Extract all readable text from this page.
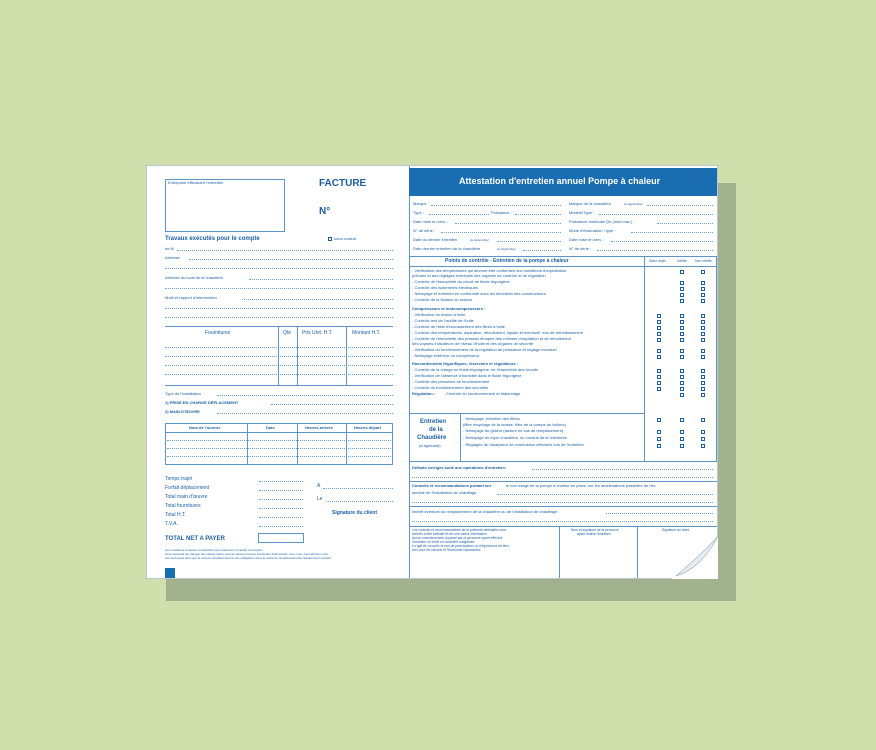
Entreprise effectuant l'entretien	FACTURE
N°
Travaux exécutés pour le compte	sous contrat
de M
Adresse
Adresse du local de la chaudière
Motif et rapport d'intervention
Fournitures	Qté Prix Unit. H.T.	Montant H.T.
Type de l'installation
1) PRISE EN CHARGE DÉPLACEMENT
2) MAIN D'ŒUVRE
Nom de l'ouvrier	Date	Heures arrivée	Heures départ
Temps trajet
Forfait déplacement
Total main d'œuvre
Total fournitures
Total H.T.
T.V.A.
A
Le
Signature du client
TOTAL NET A PAYER
Les conditions ci-dessus s'entendent pour paiement comptant à réception.
Si la nécessité de changer des pièces autres que les pièces prévues d'entretien était avérée, nous vous soumettrions notre
avis technique ainsi que le coût du remplacement et vos obligations dans le cadre du remplacement de l'équipement complet.
Attestation d'entretien annuel Pompe à chaleur
Marque :
Type :	Puissance :
Date mise en serv. :
N° de série :
Date du dernier entretien	(si disponible)
Date dernier entretien de la chaudière	(si disponible)
Marque de la chaudière	(si applicable)
Modèle/Type :
Puissance nominale Qn (mini-max.) :
Mode d'évacuation / type :
Date mise en serv. :
N° de série :
Points de contrôle - Entretien de la pompe à chaleur	Sans objet	Vérifié Non vérifié
- Vérification des températures qui devront être conformes aux conditions d'exploitation
prévues et aux réglages éventuels des organes de contrôle et de régulation
- Contrôle de l'étanchéité du circuit de fluide frigorigène
- Contrôle des isolements électriques
- Nettoyage et entretien en conformité avec les directives des constructeurs
- Contrôle de la fixation du moteur
Compresseurs et motocompresseurs :
- Vérification du niveau d'huile
- Contrôle test de l'acidité de l'huile
- Contrôle de l'état d'encrassement des filtres à huile
- Contrôle des températures, aspiration, refoulement, liquide et éventuell. eau de refroidissement
- Contrôle de l'étanchéité des presses étoupes des robinets d'aspiration et de refoulement
des voyants indicateurs de niveau d'huile et des organes de sécurité
- Vérification du fonctionnement de la régulation de puissance et réglage éventuel
- Nettoyage extérieur du compresseur
Raccordements frigorifiques, réservoirs et régulateurs :
- Contrôle de la charge en fluide frigorigène, de l'étanchéité des circuits
- Vérification de l'absence d'humidité dans le fluide frigorigène
- Contrôle des pressions de fonctionnement
- Contrôle du fonctionnement des sécurités
Régulation :	Contrôle du fonctionnement et étalonnage
Entretien
de la
Chaudière
(si applicable)
- Nettoyage, entretien des filtres
(filtre recyclage de la crasse, filtre de la pompe du brûleur)
- Nettoyage du gicleur (facturé en cas de remplacement)
- Nettoyage du foyer chaudière, du conduit de la cheminée
- Réglages de l'analyseur de combustion effectués lors de l'entretien
Défauts corrigés suite aux opérations d'entretien :
Conseils et recommandations portant sur	le bon usage de la pompe à chaleur en place, sur les améliorations possibles de l'en-
semble de l'installation de chauffage :
Intérêt éventuel du remplacement de la chaudière ou de l'installation de chauffage :
Les conseils et recommandations de la présente attestation sont
donnés à titre indicatif et ont une valeur informative.
Aucun investissement proposé par la personne ayant effectué
l'entretien ne revêt un caractère obligatoire.
Il s'agit de conseils et non de prescriptions ou d'injonctions de tiers
ceci pour les raisons et l'économie importantes.
Nom et signature de la personne
ayant réalisé l'entretien
Signature du client
